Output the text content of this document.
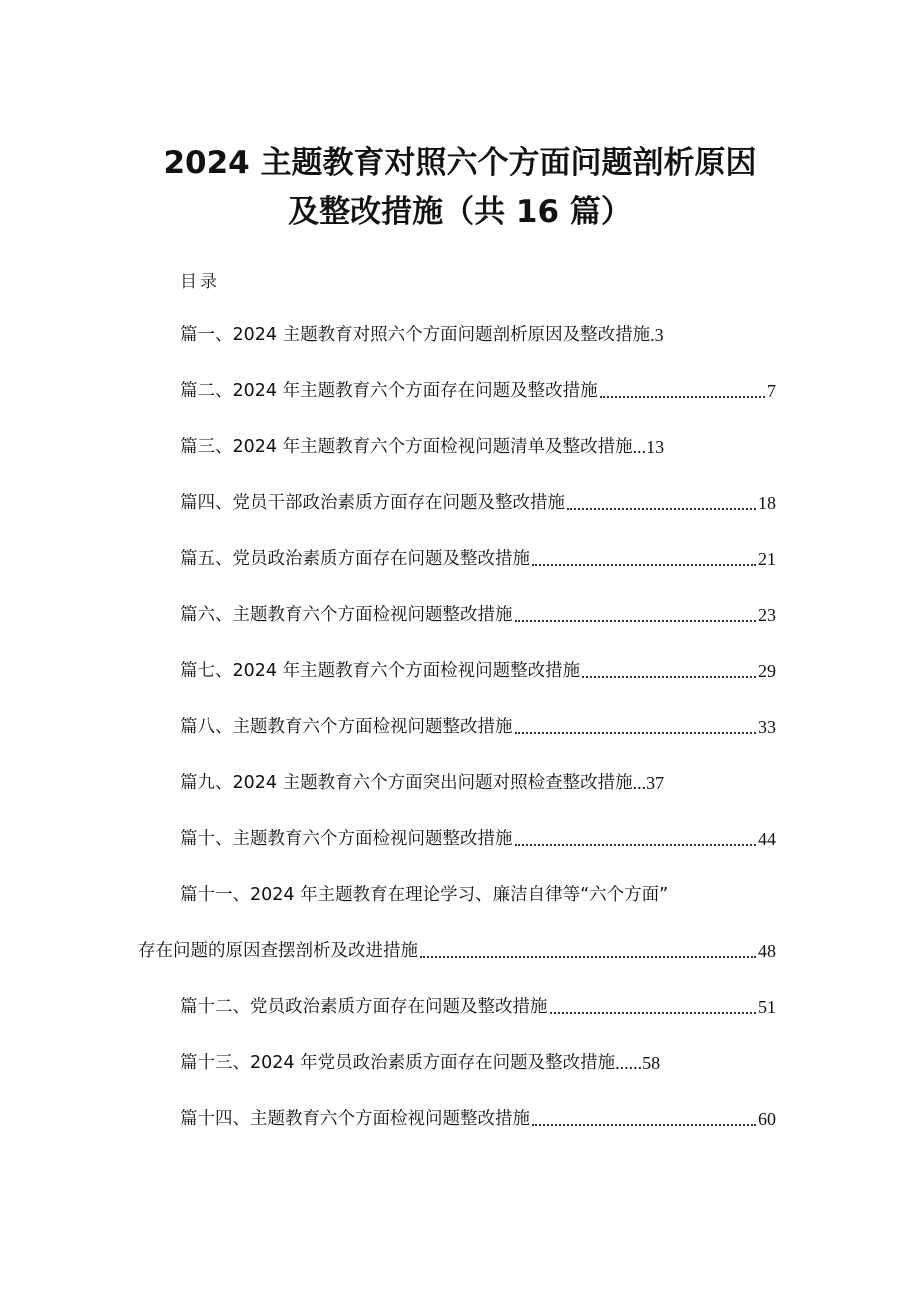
2024 主题教育对照六个方面问题剖析原因
及整改措施（共 16 篇）
目录
篇一、2024 主题教育对照六个方面问题剖析原因及整改措施 .3
篇二、2024 年主题教育六个方面存在问题及整改措施	7
篇三、2024 年主题教育六个方面检视问题清单及整改措施 ...13
篇四、党员干部政治素质方面存在问题及整改措施	18
篇五、党员政治素质方面存在问题及整改措施	21
篇六、主题教育六个方面检视问题整改措施	23
篇七、2024 年主题教育六个方面检视问题整改措施	29
篇八、主题教育六个方面检视问题整改措施	33
篇九、2024 主题教育六个方面突出问题对照检查整改措施 ...37
篇十、主题教育六个方面检视问题整改措施	44
篇十一、2024 年主题教育在理论学习、廉洁自律等“六个方面”
存在问题的原因查摆剖析及改进措施	48
篇十二、党员政治素质方面存在问题及整改措施	51
篇十三、2024 年党员政治素质方面存在问题及整改措施 ......58
篇十四、主题教育六个方面检视问题整改措施	60
